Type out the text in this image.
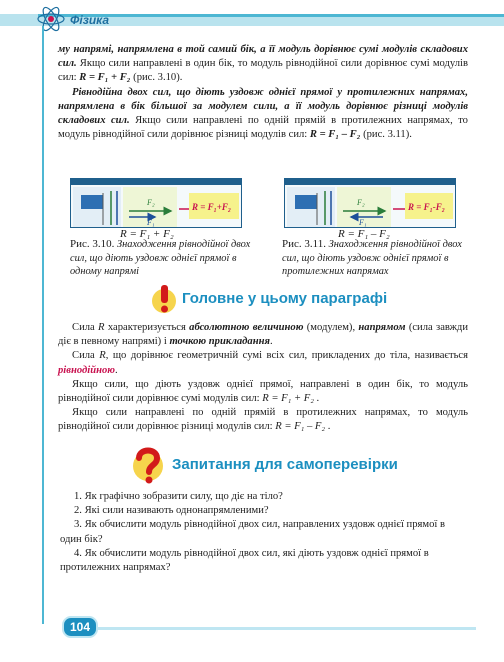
Фізика

му напрямі, напрямлена в той самий бік, а її модуль дорівнює сумі модулів складових сил. Якщо сили направлені в один бік, то модуль рівнодійної сили дорівнює сумі модулів сил: R = F₁ + F₂ (рис. 3.10).

Рівнодійна двох сил, що діють уздовж однієї прямої у протилежних напрямах, напрямлена в бік більшої за модулем сили, а її модуль дорівнює різниці модулів складових сил. Якщо сили направлені по одній прямій в протилежних напрямах, то модуль рівнодійної сили дорівнює різниці модулів сил: R = F₁ – F₂ (рис. 3.11).

F₂
F₁
R = F₁+F₂
R = F₁ + F₂
Рис. 3.10. Знаходження рівнодійної двох сил, що діють уздовж однієї прямої в одному напрямі
F₂
F₁
R = F₁-F₂
R = F₁ – F₂
Рис. 3.11. Знаходження рівнодійної двох сил, що діють уздовж однієї прямої в протилежних напрямах
Головне у цьому параграфі

Сила R характеризується абсолютною величиною (модулем), напрямом (сила завжди діє в певному напрямі) і точкою прикладання.

Сила R, що дорівнює геометричній сумі всіх сил, прикладених до тіла, називається рівнодійною.

Якщо сили, що діють уздовж однієї прямої, направлені в один бік, то модуль рівнодійної сили дорівнює сумі модулів сил: R = F₁ + F₂ .

Якщо сили направлені по одній прямій в протилежних напрямах, то модуль рівнодійної сили дорівнює різниці модулів сил: R = F₁ – F₂ .

Запитання для самоперевірки

1. Як графічно зобразити силу, що діє на тіло?

2. Які сили називають однонапрямленими?

3. Як обчислити модуль рівнодійної двох сил, направлених уздовж однієї прямої в один бік?

4. Як обчислити модуль рівнодійної двох сил, які діють уздовж однієї прямої в протилежних напрямах?

104
